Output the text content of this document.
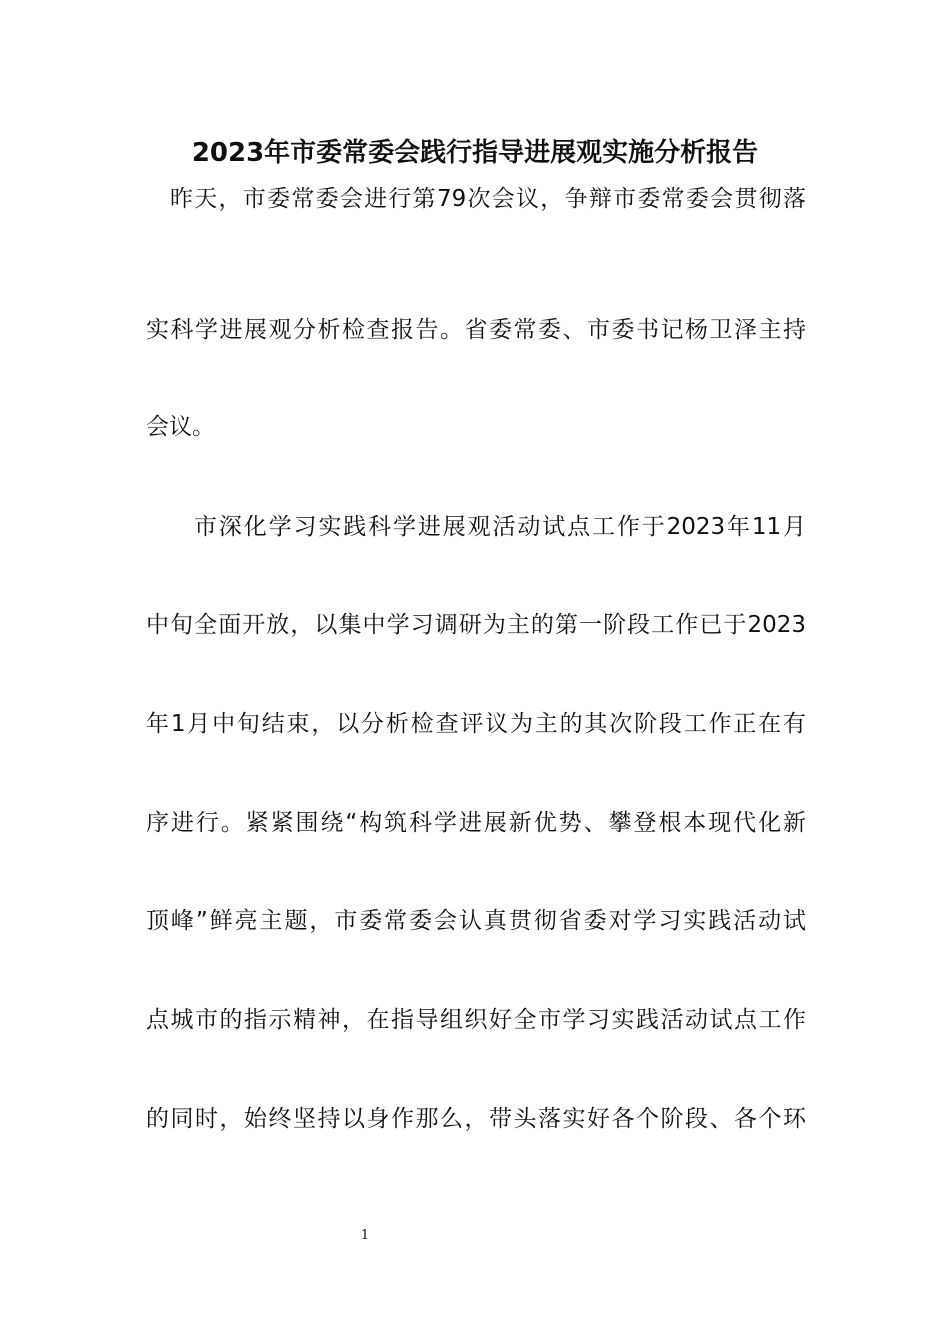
2023年市委常委会践行指导进展观实施分析报告
昨天，市委常委会进行第79次会议，争辩市委常委会贯彻落
实科学进展观分析检查报告。省委常委、市委书记杨卫泽主持
会议。
市深化学习实践科学进展观活动试点工作于2023年11月
中旬全面开放，以集中学习调研为主的第一阶段工作已于2023
年1月中旬结束，以分析检查评议为主的其次阶段工作正在有
序进行。紧紧围绕“构筑科学进展新优势、攀登根本现代化新
顶峰”鲜亮主题，市委常委会认真贯彻省委对学习实践活动试
点城市的指示精神，在指导组织好全市学习实践活动试点工作
的同时，始终坚持以身作那么，带头落实好各个阶段、各个环
1
